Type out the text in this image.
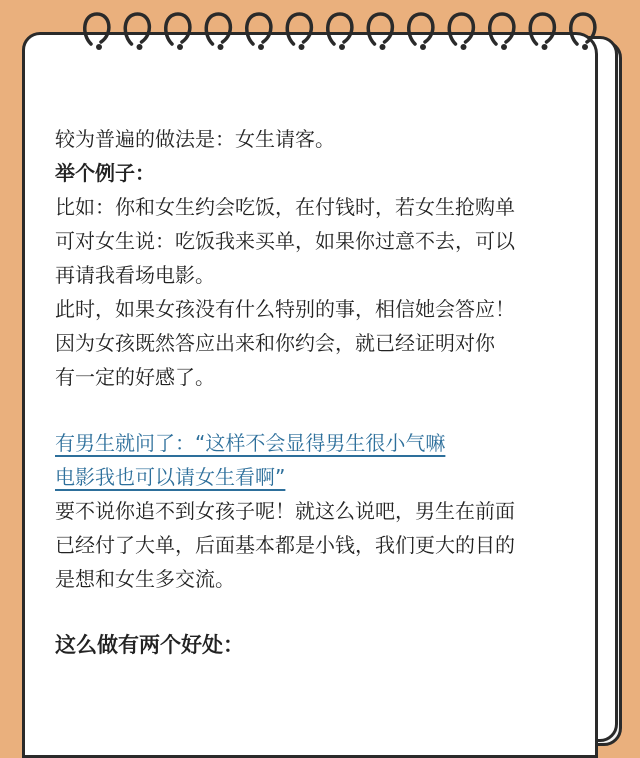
较为普遍的做法是：女生请客。
举个例子：
比如：你和女生约会吃饭，在付钱时，若女生抢购单
可对女生说：吃饭我来买单，如果你过意不去，可以
再请我看场电影。
此时，如果女孩没有什么特别的事，相信她会答应！
因为女孩既然答应出来和你约会，就已经证明对你
有一定的好感了。
有男生就问了：“这样不会显得男生很小气嘛
电影我也可以请女生看啊”
要不说你追不到女孩子呢！就这么说吧，男生在前面
已经付了大单，后面基本都是小钱，我们更大的目的
是想和女生多交流。
这么做有两个好处：
